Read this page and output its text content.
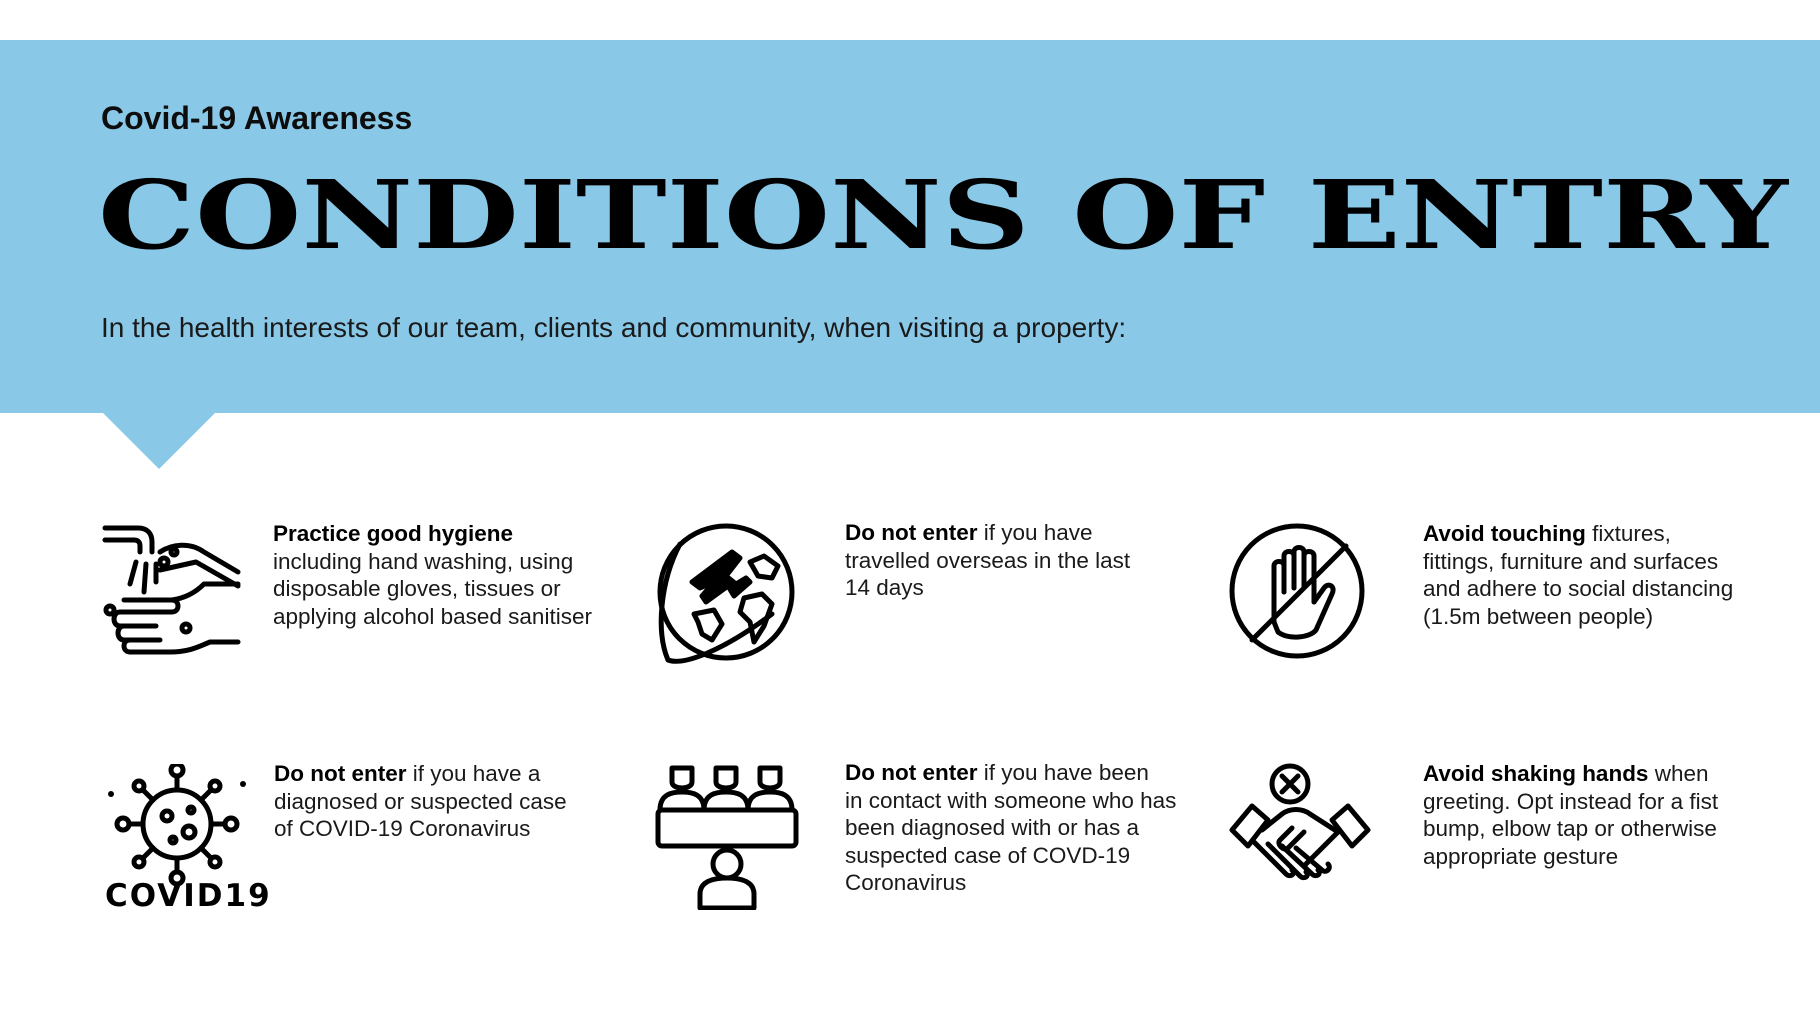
Covid-19 Awareness
CONDITIONS OF ENTRY
In the health interests of our team, clients and community, when visiting a property:
Practice good hygiene
including hand washing, using
disposable gloves, tissues or
applying alcohol based sanitiser
Do not enter if you have
travelled overseas in the last
14 days
Avoid touching fixtures,
fittings, furniture and surfaces
and adhere to social distancing
(1.5m between people)
COVID19
Do not enter if you have a
diagnosed or suspected case
of COVID-19 Coronavirus
Do not enter if you have been
in contact with someone who has
been diagnosed with or has a
suspected case of COVD-19
Coronavirus
Avoid shaking hands when
greeting. Opt instead for a fist
bump, elbow tap or otherwise
appropriate gesture
